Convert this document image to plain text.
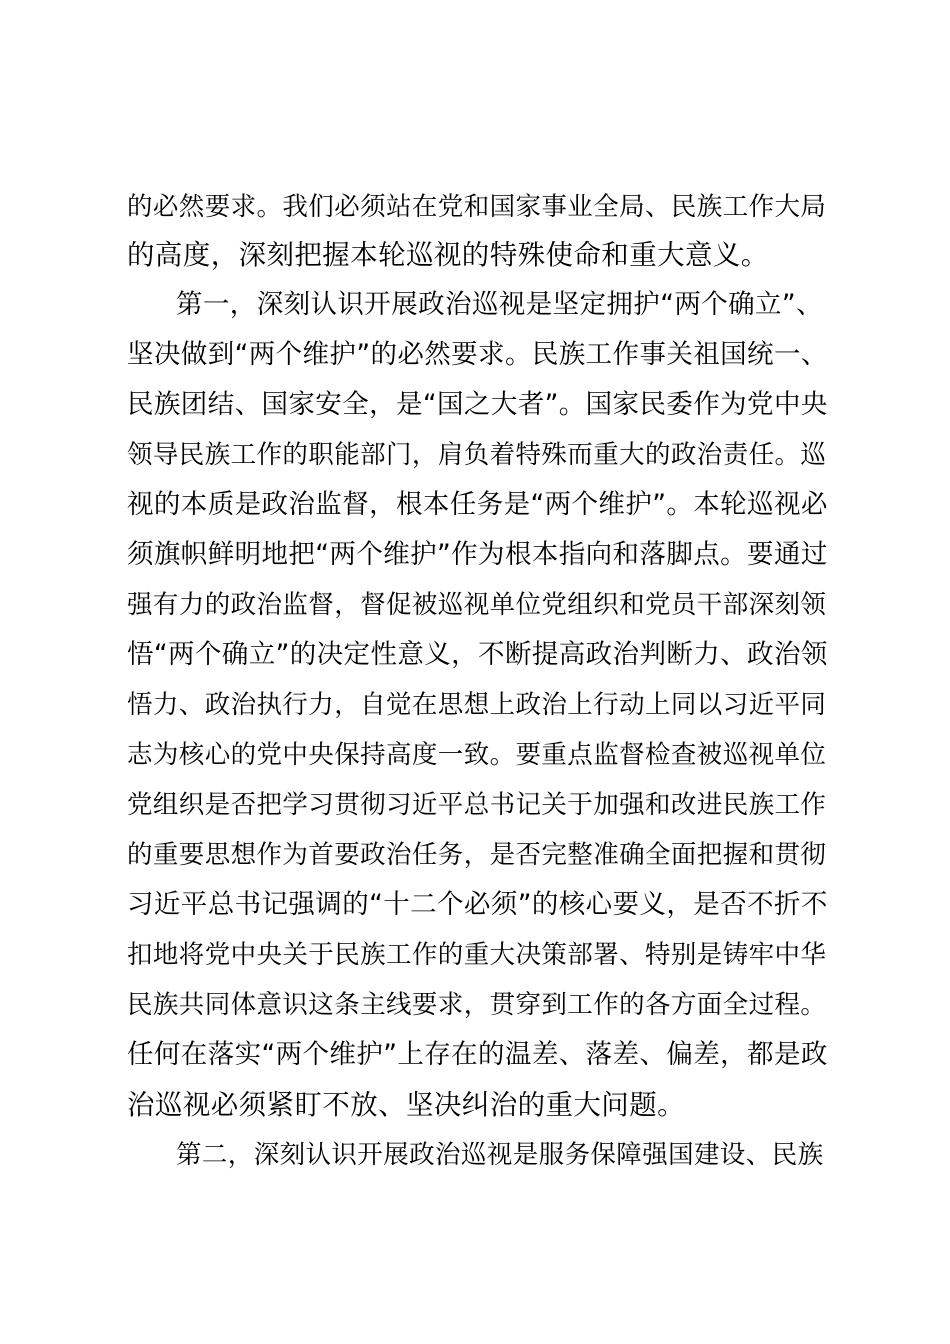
的必然要求。我们必须站在党和国家事业全局、民族工作大局
的高度，深刻把握本轮巡视的特殊使命和重大意义。
第一，深刻认识开展政治巡视是坚定拥护“两个确立”、
坚决做到“两个维护”的必然要求。民族工作事关祖国统一、
民族团结、国家安全，是“国之大者”。国家民委作为党中央
领导民族工作的职能部门，肩负着特殊而重大的政治责任。巡
视的本质是政治监督，根本任务是“两个维护”。本轮巡视必
须旗帜鲜明地把“两个维护”作为根本指向和落脚点。要通过
强有力的政治监督，督促被巡视单位党组织和党员干部深刻领
悟“两个确立”的决定性意义，不断提高政治判断力、政治领
悟力、政治执行力，自觉在思想上政治上行动上同以习近平同
志为核心的党中央保持高度一致。要重点监督检查被巡视单位
党组织是否把学习贯彻习近平总书记关于加强和改进民族工作
的重要思想作为首要政治任务，是否完整准确全面把握和贯彻
习近平总书记强调的“十二个必须”的核心要义，是否不折不
扣地将党中央关于民族工作的重大决策部署、特别是铸牢中华
民族共同体意识这条主线要求，贯穿到工作的各方面全过程。
任何在落实“两个维护”上存在的温差、落差、偏差，都是政
治巡视必须紧盯不放、坚决纠治的重大问题。
第二，深刻认识开展政治巡视是服务保障强国建设、民族
